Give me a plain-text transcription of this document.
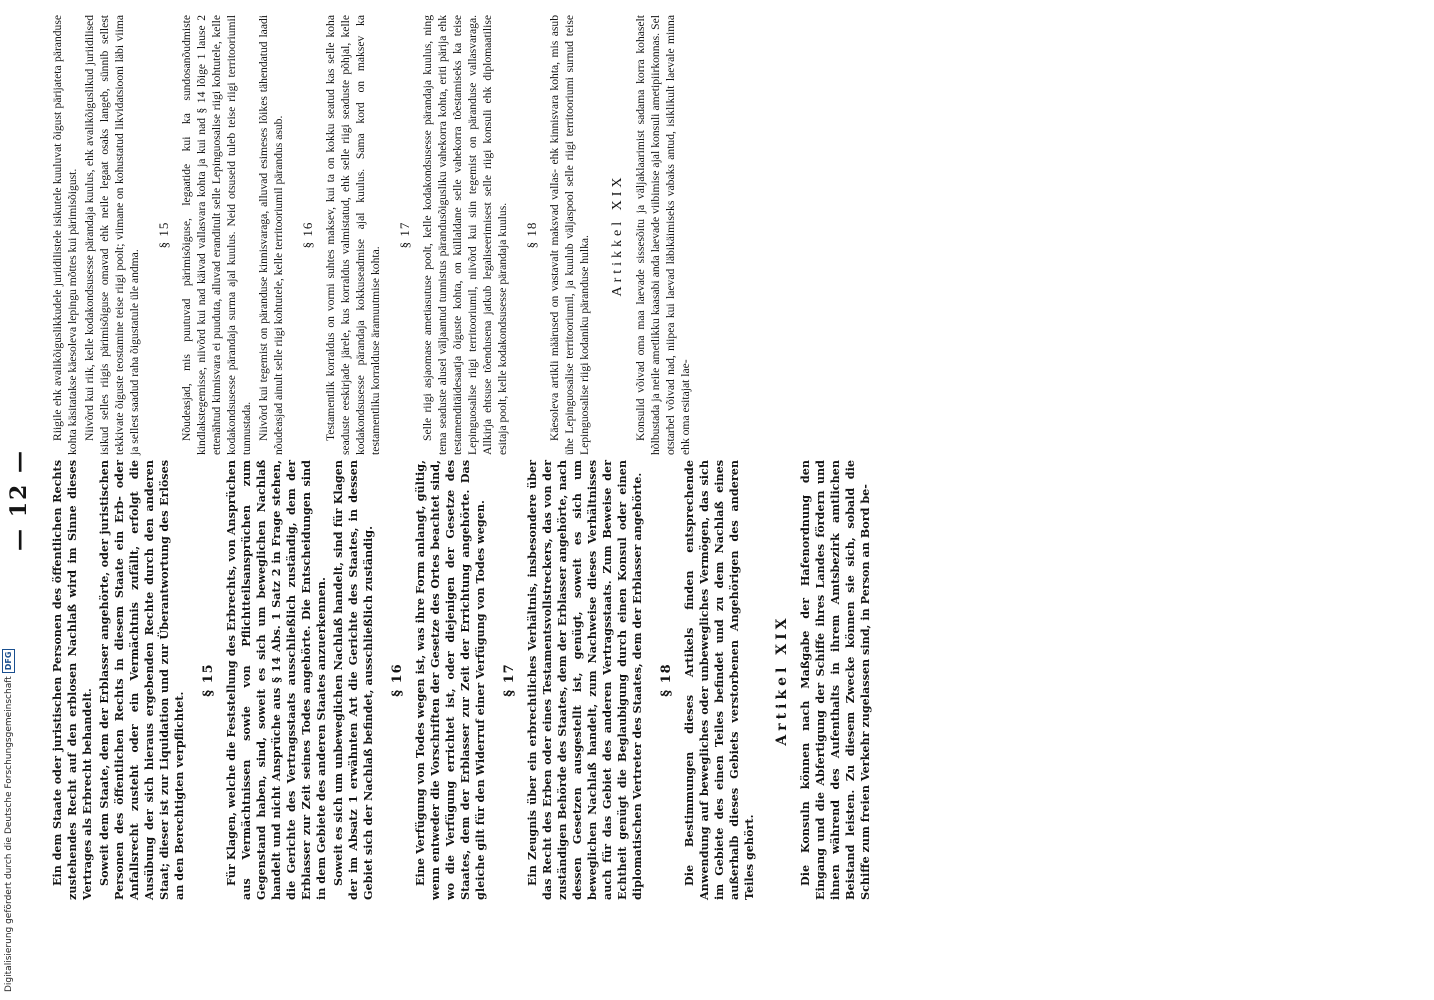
— 12 — Ein dem Staate oder juristischen Personen des öffentlichen Rechts zustehendes Recht auf den erblosen Nachlaß wird im Sinne dieses Vertrages als Erbrecht behandelt. Soweit dem Staate, dem der Erblasser angehörte, oder juristischen Personen des öffentlichen Rechts in diesem Staate ein Erb- oder Anfallsrecht zusteht oder ein Vermächtnis zufällt, erfolgt die Ausübung der sich hieraus ergebenden Rechte durch den anderen Staat; dieser ist zur Liquidation und zur Überantwortung des Erlöses an den Berechtigten verpflichtet.

§ 15 Für Klagen, welche die Feststellung des Erbrechts, von Ansprüchen aus Vermächtnissen sowie von Pflichtteilsansprüchen zum Gegenstand haben, sind, soweit es sich um beweglichen Nachlaß handelt und nicht Ansprüche aus § 14 Abs. 1 Satz 2 in Frage stehen, die Gerichte des Vertragsstaats ausschließlich zuständig, dem der Erblasser zur Zeit seines Todes angehörte. Die Entscheidungen sind in dem Gebiete des anderen Staates anzuerkennen. Soweit es sich um unbeweglichen Nachlaß handelt, sind für Klagen der im Absatz 1 erwähnten Art die Gerichte des Staates, in dessen Gebiet sich der Nachlaß befindet, ausschließlich zuständig. § 16 Eine Verfügung von Todes wegen ist, was ihre Form anlangt, gültig, wenn entweder die Vorschriften der Gesetze des Ortes beachtet sind, wo die Verfügung errichtet ist, oder diejenigen der Gesetze des Staates, dem der Erblasser zur Zeit der Errichtung angehörte. Das gleiche gilt für den Widerruf einer Verfügung von Todes wegen. § 17 Ein Zeugnis über ein erbrechtliches Verhältnis, insbesondere über das Recht des Erben oder eines Testamentsvollstreckers, das von der zuständigen Behörde des Staates, dem der Erblasser angehörte, nach dessen Gesetzen ausgestellt ist, genügt, soweit es sich um beweglichen Nachlaß handelt, zum Nachweise dieses Verhältnisses auch für das Gebiet des anderen Vertragsstaats. Zum Beweise der Echtheit genügt die Beglaubigung durch einen Konsul oder einen diplomatischen Vertreter des Staates, dem der Erblasser angehörte. § 18 Die Bestimmungen dieses Artikels finden entsprechende Anwendung auf bewegliches oder unbewegliches Vermögen, das sich im Gebiete des einen Teiles befindet und zu dem Nachlaß eines außerhalb dieses Gebiets verstorbenen Angehörigen des anderen Teiles gehört.

Artikel XIX Die Konsuln können nach Maßgabe der Hafenordnung den Eingang und die Abfertigung der Schiffe ihres Landes fördern und ihnen während des Aufenthalts in ihrem Amtsbezirk amtlichen Beistand leisten. Zu diesem Zwecke können sie sich, sobald die Schiffe zum freien Verkehr zugelassen sind, in Person an Bord be-

Riigile ehk avalikõiguslikkudele juriidilistele isikutele kuuluvat õigust pärijateta päranduse kohta käsitatakse käesoleva lepingu mõttes kui pärimisõigust. Niivõrd kui riik, kelle kodakondsusesse pärandaja kuulus, ehk avalikõiguslikud juriidilised isikud selles riigis pärimisõiguse omavad ehk neile legaat osaks langeb, sünnib sellest tekkivate õiguste teostamine teise riigi poolt; viimane on kohustatud likvidatsiooni läbi viima ja sellest saadud raha õigustatule üle andma.

§ 15 Nõudeasjad, mis puutuvad pärimisõiguse, legaatide kui ka sundosanõudmiste kindlakstegemisse, niivõrd kui nad käivad vallasvara kohta ja kui nad § 14 lõige 1 lause 2 ettenähtud kinnisvara ei puuduta, alluvad eranditult selle Lepinguosalise riigi kohtutele, kelle kodakondsusesse pärandaja surma ajal kuulus. Neid otsuseid tuleb teise riigi territooriumil tunnustada. Niivõrd kui tegemist on päranduse kinnisvaraga, alluvad esimeses lõikes tähendatud laadi nõudeasjad ainult selle riigi kohtutele, kelle territooriumil pärandus asub. § 16 Testamentlik korraldus on vormi suhtes maksev, kui ta on kokku seatud kas selle koha seaduste eeskirjade järele, kus korraldus valmistatud, ehk selle riigi seaduste põhjal, kelle kodakondsusesse pärandaja kokkuseadmise ajal kuulus. Sama kord on maksev ka testamentliku korralduse äramuutmise kohta.

§ 17 Selle riigi asjaomase ametiasutuse poolt, kelle kodakondsusesse pärandaja kuulus, ning tema seaduste alusel väljaantud tunnistus pärandusõigusliku vahekorra kohta, eriti pärija ehk testamenditäidesaatja õiguste kohta, on küllaldane selle vahekorra tõestamiseks ka teise Lepinguosalise riigi territooriumil, niivõrd kui siin tegemist on päranduse vallasvaraga. Allkirja ehtsuse tõendusena jatkub legaliseerimisest selle riigi konsuli ehk diplomaatilise esitaja poolt, kelle kodakondsusesse pärandaja kuulus. § 18 Käesoleva artikli määrused on vastavalt maksvad vallas- ehk kinnisvara kohta, mis asub ühe Lepinguosalise territooriumil, ja kuulub väljaspool selle riigi territooriumi surnud teise Lepinguosalise riigi kodaniku päranduse hulka.

Artikkel XIX Konsulid võivad oma maa laevade sissesõitu ja väljaklaarimist sadama korra kohaselt hõlbustada ja neile ametlikku kaasabi anda laevade viibimise ajal konsuli ametipiirkonnas. Sel otstarbel võivad nad, niipea kui laevad läbikäimiseks vabaks antud, isiklikult laevale minna ehk oma esitajat lae-

Digitalisierung gefördert durch die Deutsche Forschungsgemeinschaft
DFG
